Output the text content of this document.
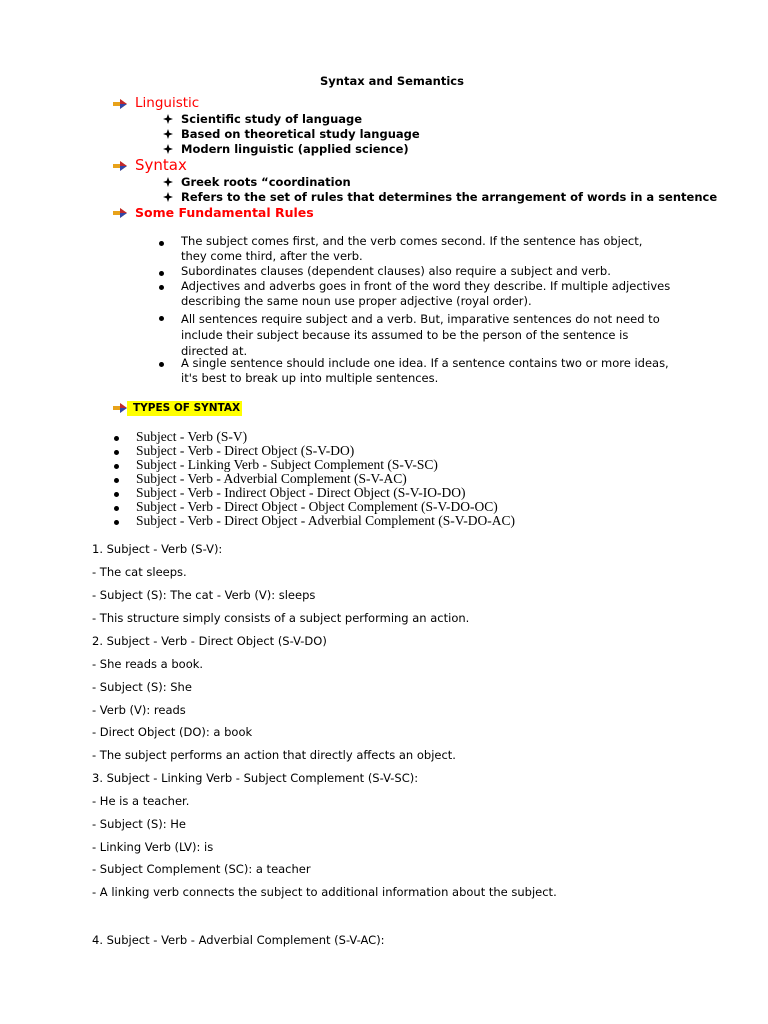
Syntax and Semantics
Linguistic
Scientific study of language
Based on theoretical study language
Modern linguistic (applied science)
Syntax
Greek roots “coordination
Refers to the set of rules that determines the arrangement of words in a sentence
Some Fundamental Rules
The subject comes first, and the verb comes second. If the sentence has object, they come third, after the verb.
Subordinates clauses (dependent clauses) also require a subject and verb.
Adjectives and adverbs goes in front of the word they describe. If multiple adjectives describing the same noun use proper adjective (royal order).
All sentences require subject and a verb. But, imparative sentences do not need to include their subject because its assumed to be the person of the sentence is directed at.
A single sentence should include one idea. If a sentence contains two or more ideas, it's best to break up into multiple sentences.
TYPES OF SYNTAX
Subject - Verb (S-V)
Subject - Verb - Direct Object (S-V-DO)
Subject - Linking Verb - Subject Complement (S-V-SC)
Subject - Verb - Adverbial Complement (S-V-AC)
Subject - Verb - Indirect Object - Direct Object (S-V-IO-DO)
Subject - Verb - Direct Object - Object Complement (S-V-DO-OC)
Subject - Verb - Direct Object - Adverbial Complement (S-V-DO-AC)
1. Subject - Verb (S-V):
- The cat sleeps.
- Subject (S): The cat - Verb (V): sleeps
- This structure simply consists of a subject performing an action.
2. Subject - Verb - Direct Object (S-V-DO)
- She reads a book.
- Subject (S): She
- Verb (V): reads
- Direct Object (DO): a book
- The subject performs an action that directly affects an object.
3. Subject - Linking Verb - Subject Complement (S-V-SC):
- He is a teacher.
- Subject (S): He
- Linking Verb (LV): is
- Subject Complement (SC): a teacher
- A linking verb connects the subject to additional information about the subject.
4. Subject - Verb - Adverbial Complement (S-V-AC):
